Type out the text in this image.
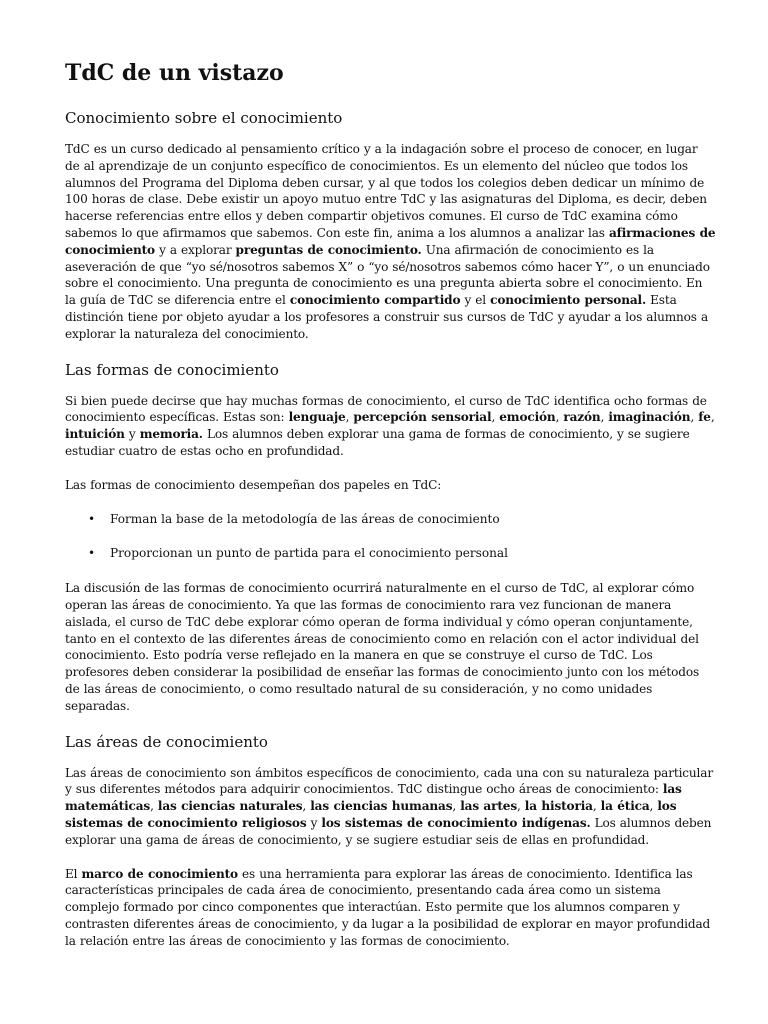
TdC de un vistazo
Conocimiento sobre el conocimiento

TdC es un curso dedicado al pensamiento crítico y a la indagación sobre el proceso de conocer, en lugar de al aprendizaje de un conjunto específico de conocimientos. Es un elemento del núcleo que todos los alumnos del Programa del Diploma deben cursar, y al que todos los colegios deben dedicar un mínimo de 100 horas de clase. Debe existir un apoyo mutuo entre TdC y las asignaturas del Diploma, es decir, deben hacerse referencias entre ellos y deben compartir objetivos comunes. El curso de TdC examina cómo sabemos lo que afirmamos que sabemos. Con este fin, anima a los alumnos a analizar las afirmaciones de conocimiento y a explorar preguntas de conocimiento. Una afirmación de conocimiento es la aseveración de que “yo sé/nosotros sabemos X” o “yo sé/nosotros sabemos cómo hacer Y”, o un enunciado sobre el conocimiento. Una pregunta de conocimiento es una pregunta abierta sobre el conocimiento. En la guía de TdC se diferencia entre el conocimiento compartido y el conocimiento personal. Esta distinción tiene por objeto ayudar a los profesores a construir sus cursos de TdC y ayudar a los alumnos a explorar la naturaleza del conocimiento.

Las formas de conocimiento

Si bien puede decirse que hay muchas formas de conocimiento, el curso de TdC identifica ocho formas de conocimiento específicas. Estas son: lenguaje, percepción sensorial, emoción, razón, imaginación, fe, intuición y memoria. Los alumnos deben explorar una gama de formas de conocimiento, y se sugiere estudiar cuatro de estas ocho en profundidad.

Las formas de conocimiento desempeñan dos papeles en TdC:

• Forman la base de la metodología de las áreas de conocimiento
• Proporcionan un punto de partida para el conocimiento personal

La discusión de las formas de conocimiento ocurrirá naturalmente en el curso de TdC, al explorar cómo operan las áreas de conocimiento. Ya que las formas de conocimiento rara vez funcionan de manera aislada, el curso de TdC debe explorar cómo operan de forma individual y cómo operan conjuntamente, tanto en el contexto de las diferentes áreas de conocimiento como en relación con el actor individual del conocimiento. Esto podría verse reflejado en la manera en que se construye el curso de TdC. Los profesores deben considerar la posibilidad de enseñar las formas de conocimiento junto con los métodos de las áreas de conocimiento, o como resultado natural de su consideración, y no como unidades separadas.

Las áreas de conocimiento

Las áreas de conocimiento son ámbitos específicos de conocimiento, cada una con su naturaleza particular y sus diferentes métodos para adquirir conocimientos. TdC distingue ocho áreas de conocimiento: las matemáticas, las ciencias naturales, las ciencias humanas, las artes, la historia, la ética, los sistemas de conocimiento religiosos y los sistemas de conocimiento indígenas. Los alumnos deben explorar una gama de áreas de conocimiento, y se sugiere estudiar seis de ellas en profundidad.

El marco de conocimiento es una herramienta para explorar las áreas de conocimiento. Identifica las características principales de cada área de conocimiento, presentando cada área como un sistema complejo formado por cinco componentes que interactúan. Esto permite que los alumnos comparen y contrasten diferentes áreas de conocimiento, y da lugar a la posibilidad de explorar en mayor profundidad la relación entre las áreas de conocimiento y las formas de conocimiento.
